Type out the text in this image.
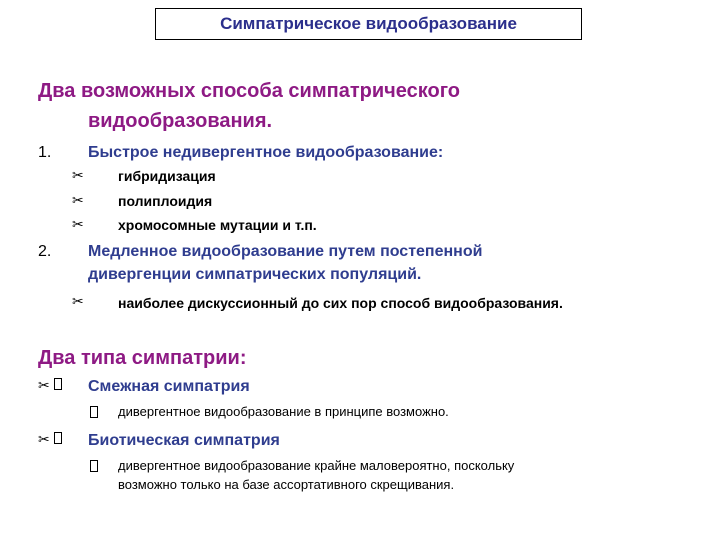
Симпатрическое видообразование
Два возможных способа симпатрического
видообразования.
1. Быстрое недивергентное видообразование:
✂ гибридизация
✂ полиплоидия
✂ хромосомные мутации и т.п.
2. Медленное видообразование путем постепенной
дивергенции симпатрических популяций.
✂ наиболее дискуссионный до сих пор способ видообразования.
Два типа симпатрии:
✂	Смежная симпатрия
дивергентное видообразование в принципе возможно.
✂	Биотическая симпатрия
дивергентное видообразование крайне маловероятно, поскольку
возможно только на базе ассортативного скрещивания.
